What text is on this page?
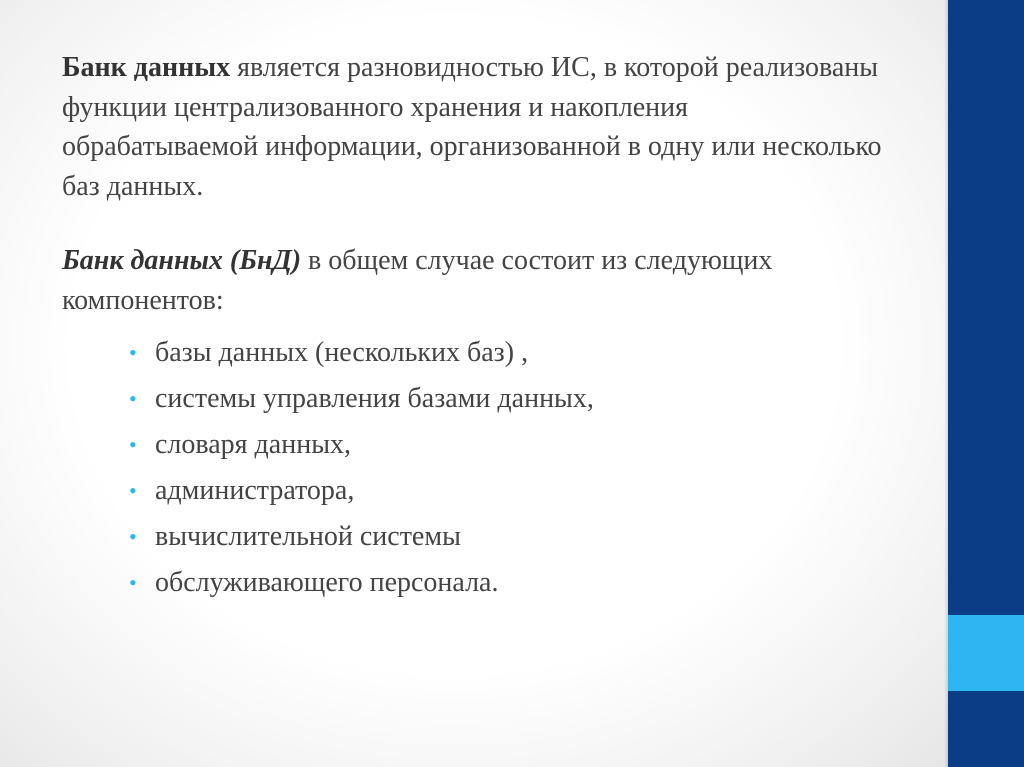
Банк данных является разновидностью ИС, в которой реализованы функции централизованного хранения и накопления обрабатываемой информации, организованной в одну или несколько баз данных.

Банк данных (БнД) в общем случае состоит из следующих компонентов:

• базы данных (нескольких баз) ,
• системы управления базами данных,
• словаря данных,
• администратора,
• вычислительной системы
• обслуживающего персонала.
